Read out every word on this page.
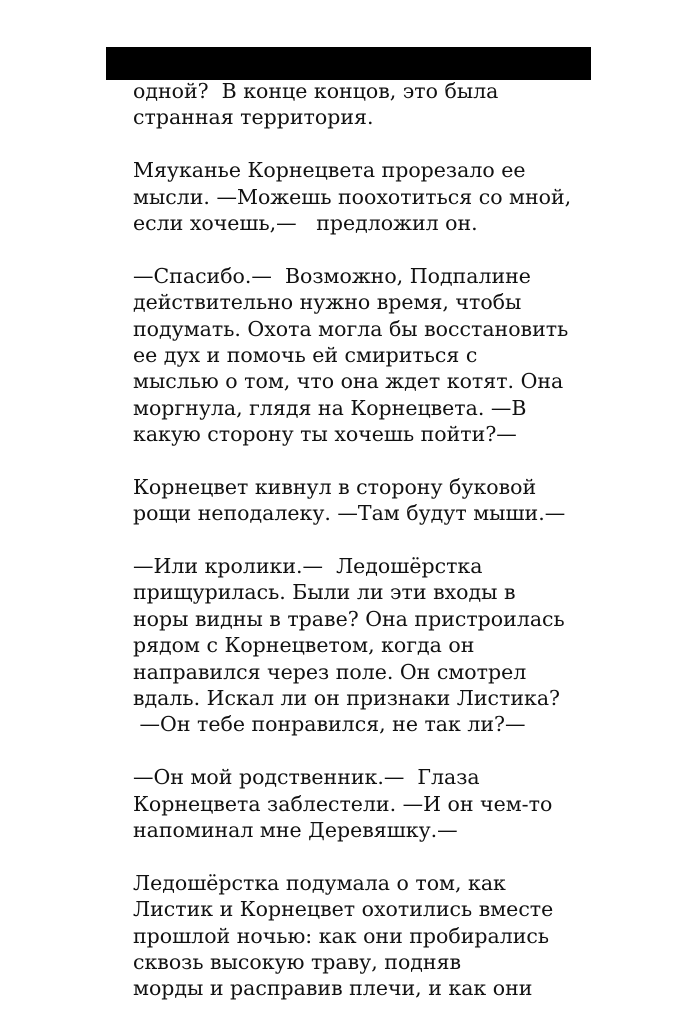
одной?  В конце концов, это была
странная территория.
Мяуканье Корнецвета прорезало ее
мысли. —Можешь поохотиться со мной,
если хочешь,—   предложил он.
—Спасибо.—  Возможно, Подпалине
действительно нужно время, чтобы
подумать. Охота могла бы восстановить
ее дух и помочь ей смириться с
мыслью о том, что она ждет котят. Она
моргнула, глядя на Корнецвета. —В
какую сторону ты хочешь пойти?—
Корнецвет кивнул в сторону буковой
рощи неподалеку. —Там будут мыши.—
—Или кролики.—  Ледошёрстка
прищурилась. Были ли эти входы в
норы видны в траве? Она пристроилась
рядом с Корнецветом, когда он
направился через поле. Он смотрел
вдаль. Искал ли он признаки Листика?
—Он тебе понравился, не так ли?—
—Он мой родственник.—  Глаза
Корнецвета заблестели. —И он чем-то
напоминал мне Деревяшку.—
Ледошёрстка подумала о том, как
Листик и Корнецвет охотились вместе
прошлой ночью: как они пробирались
сквозь высокую траву, подняв
морды и расправив плечи, и как они
